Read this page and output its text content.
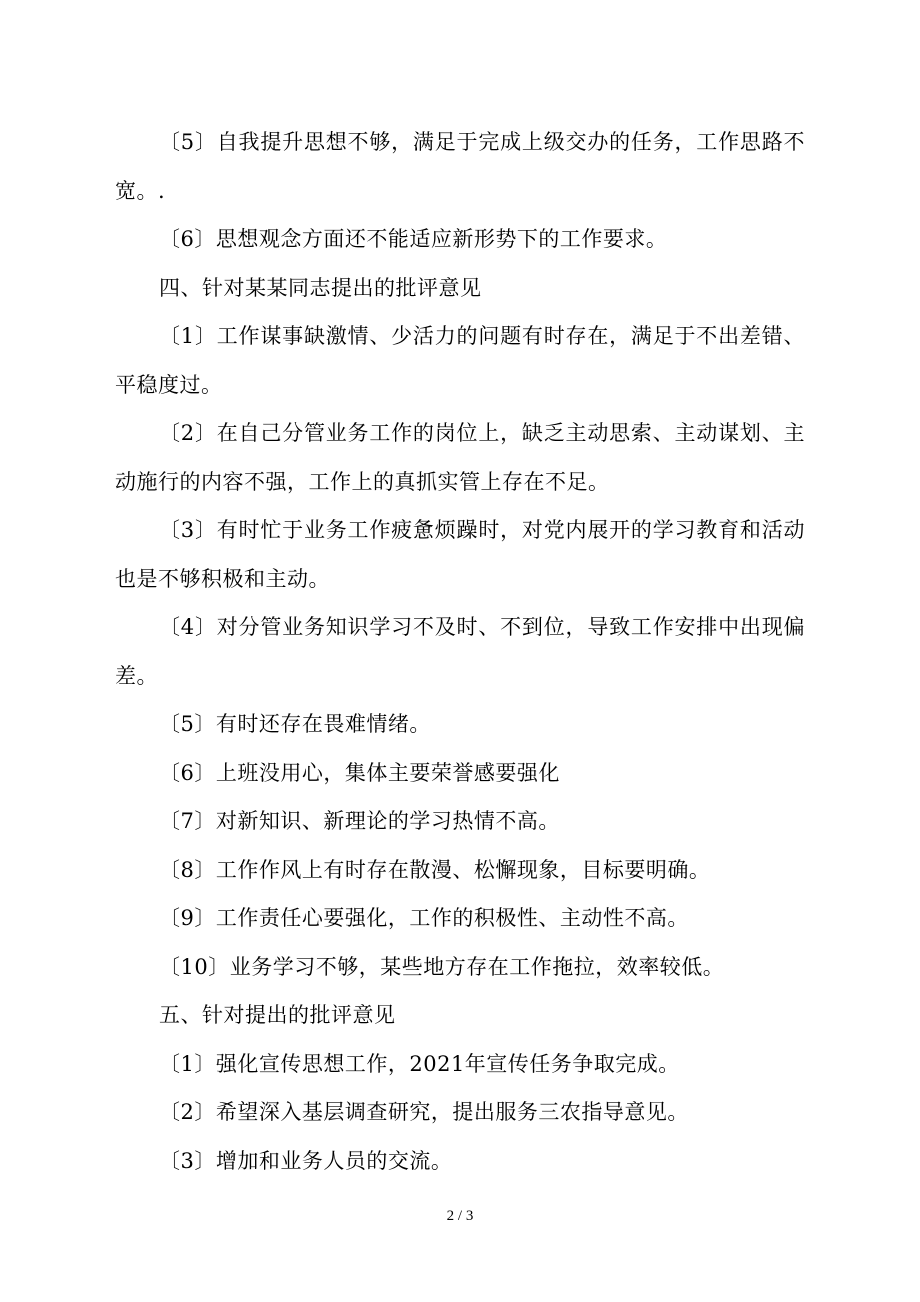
〔5〕自我提升思想不够，满足于完成上级交办的任务，工作思路不宽。.

〔6〕思想观念方面还不能适应新形势下的工作要求。

四、针对某某同志提出的批评意见

〔1〕工作谋事缺激情、少活力的问题有时存在，满足于不出差错、平稳度过。

〔2〕在自己分管业务工作的岗位上，缺乏主动思索、主动谋划、主动施行的内容不强，工作上的真抓实管上存在不足。

〔3〕有时忙于业务工作疲惫烦躁时，对党内展开的学习教育和活动也是不够积极和主动。

〔4〕对分管业务知识学习不及时、不到位，导致工作安排中出现偏差。

〔5〕有时还存在畏难情绪。

〔6〕上班没用心，集体主要荣誉感要强化

〔7〕对新知识、新理论的学习热情不高。

〔8〕工作作风上有时存在散漫、松懈现象，目标要明确。

〔9〕工作责任心要强化，工作的积极性、主动性不高。

〔10〕业务学习不够，某些地方存在工作拖拉，效率较低。

五、针对提出的批评意见

〔1〕强化宣传思想工作，2021年宣传任务争取完成。

〔2〕希望深入基层调查研究，提出服务三农指导意见。

〔3〕增加和业务人员的交流。

2 / 3
